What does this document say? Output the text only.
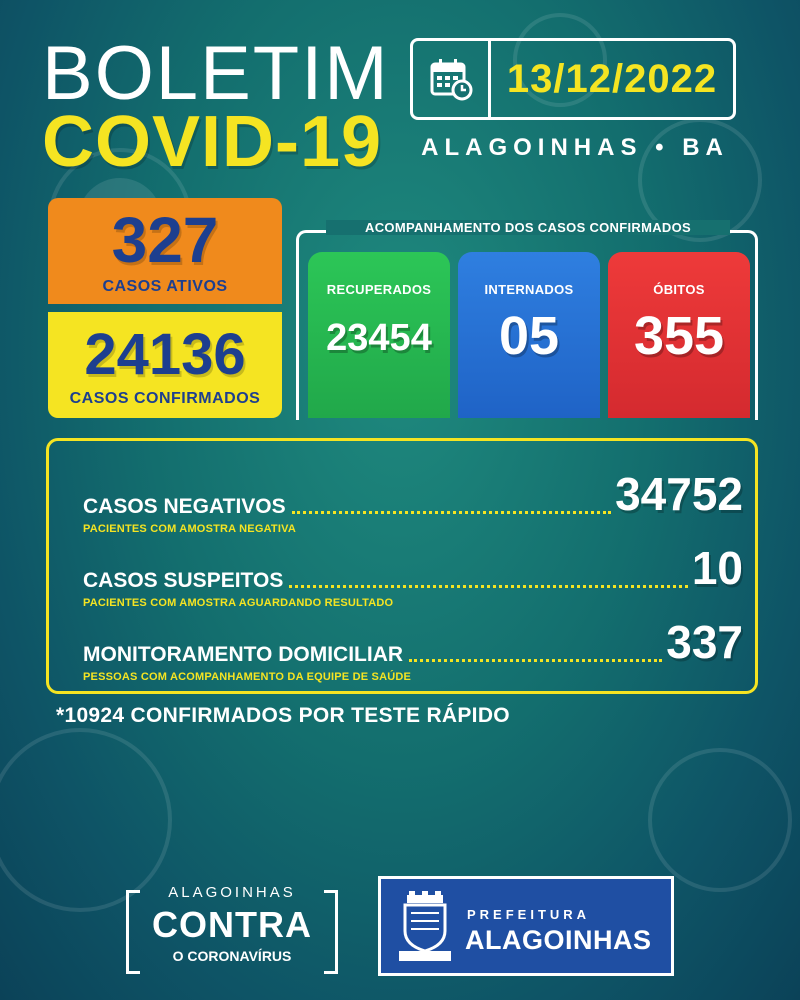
BOLETIM
COVID-19
13/12/2022
ALAGOINHAS • BA
327
CASOS ATIVOS
24136
CASOS CONFIRMADOS
ACOMPANHAMENTO DOS CASOS CONFIRMADOS
RECUPERADOS
23454
INTERNADOS
05
ÓBITOS
355
CASOS NEGATIVOS	34752
PACIENTES COM AMOSTRA NEGATIVA
CASOS SUSPEITOS	10
PACIENTES COM AMOSTRA AGUARDANDO RESULTADO
MONITORAMENTO DOMICILIAR	337
PESSOAS COM ACOMPANHAMENTO DA EQUIPE DE SAÚDE
*10924 CONFIRMADOS POR TESTE RÁPIDO
ALAGOINHAS
CONTRA
O CORONAVÍRUS
PREFEITURA
ALAGOINHAS
